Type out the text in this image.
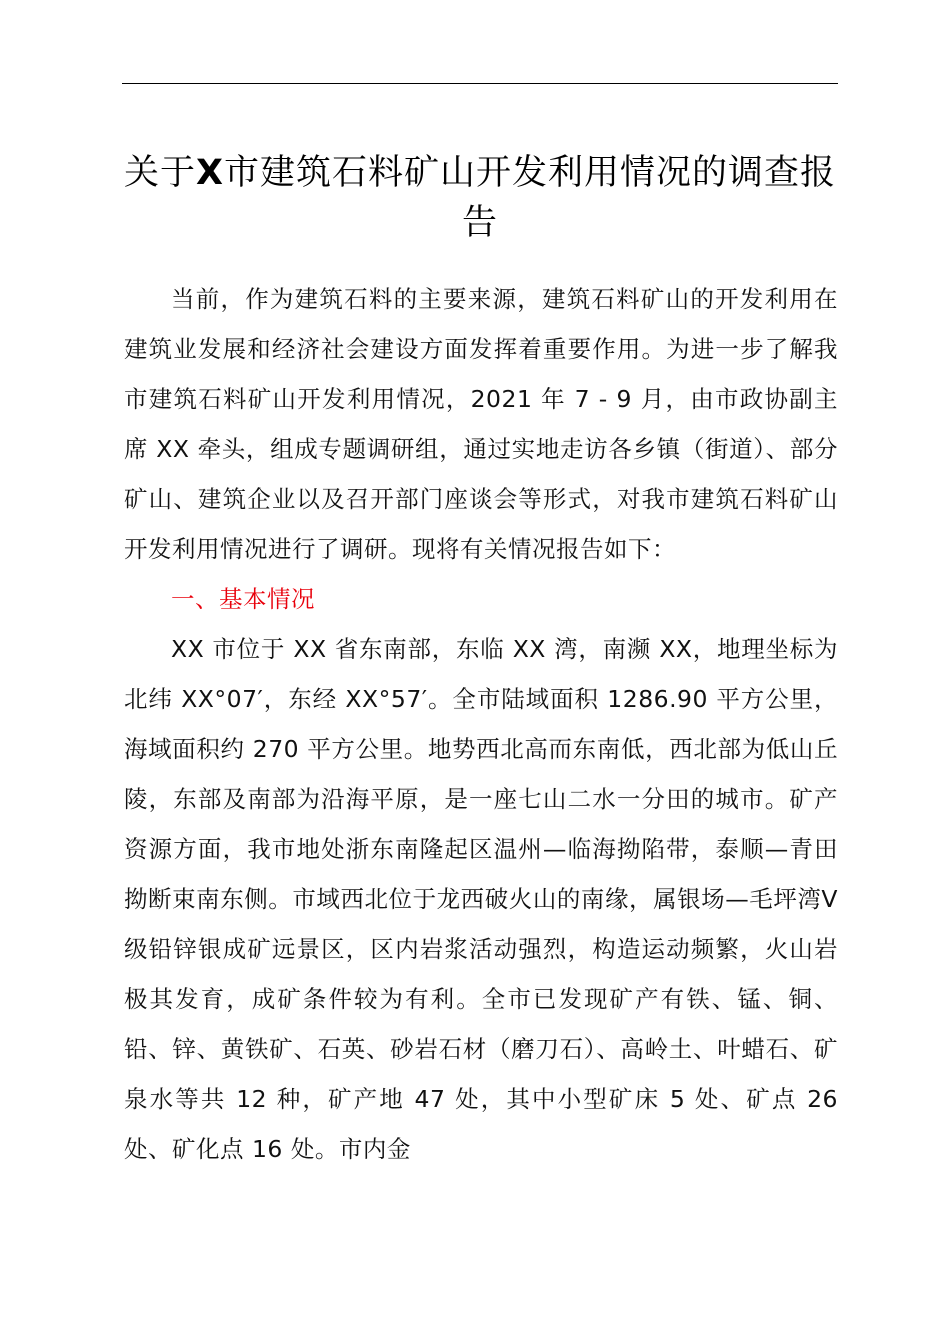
关于X市建筑石料矿山开发利用情况的调查报告

当前，作为建筑石料的主要来源，建筑石料矿山的开发利用在建筑业发展和经济社会建设方面发挥着重要作用。为进一步了解我市建筑石料矿山开发利用情况，2021 年 7 - 9 月，由市政协副主席 XX 牵头，组成专题调研组，通过实地走访各乡镇（街道）、部分矿山、建筑企业以及召开部门座谈会等形式，对我市建筑石料矿山开发利用情况进行了调研。现将有关情况报告如下：

一、基本情况

XX 市位于 XX 省东南部，东临 XX 湾，南濒 XX，地理坐标为北纬 XX°07′，东经 XX°57′。全市陆域面积 1286.90 平方公里，海域面积约 270 平方公里。地势西北高而东南低，西北部为低山丘陵，东部及南部为沿海平原，是一座七山二水一分田的城市。矿产资源方面，我市地处浙东南隆起区温州—临海拗陷带，泰顺—青田拗断束南东侧。市域西北位于龙西破火山的南缘，属银场—毛坪湾Ⅴ级铅锌银成矿远景区，区内岩浆活动强烈，构造运动频繁，火山岩极其发育，成矿条件较为有利。全市已发现矿产有铁、锰、铜、铅、锌、黄铁矿、石英、砂岩石材（磨刀石）、高岭土、叶蜡石、矿泉水等共 12 种，矿产地 47 处，其中小型矿床 5 处、矿点 26 处、矿化点 16 处。市内金
